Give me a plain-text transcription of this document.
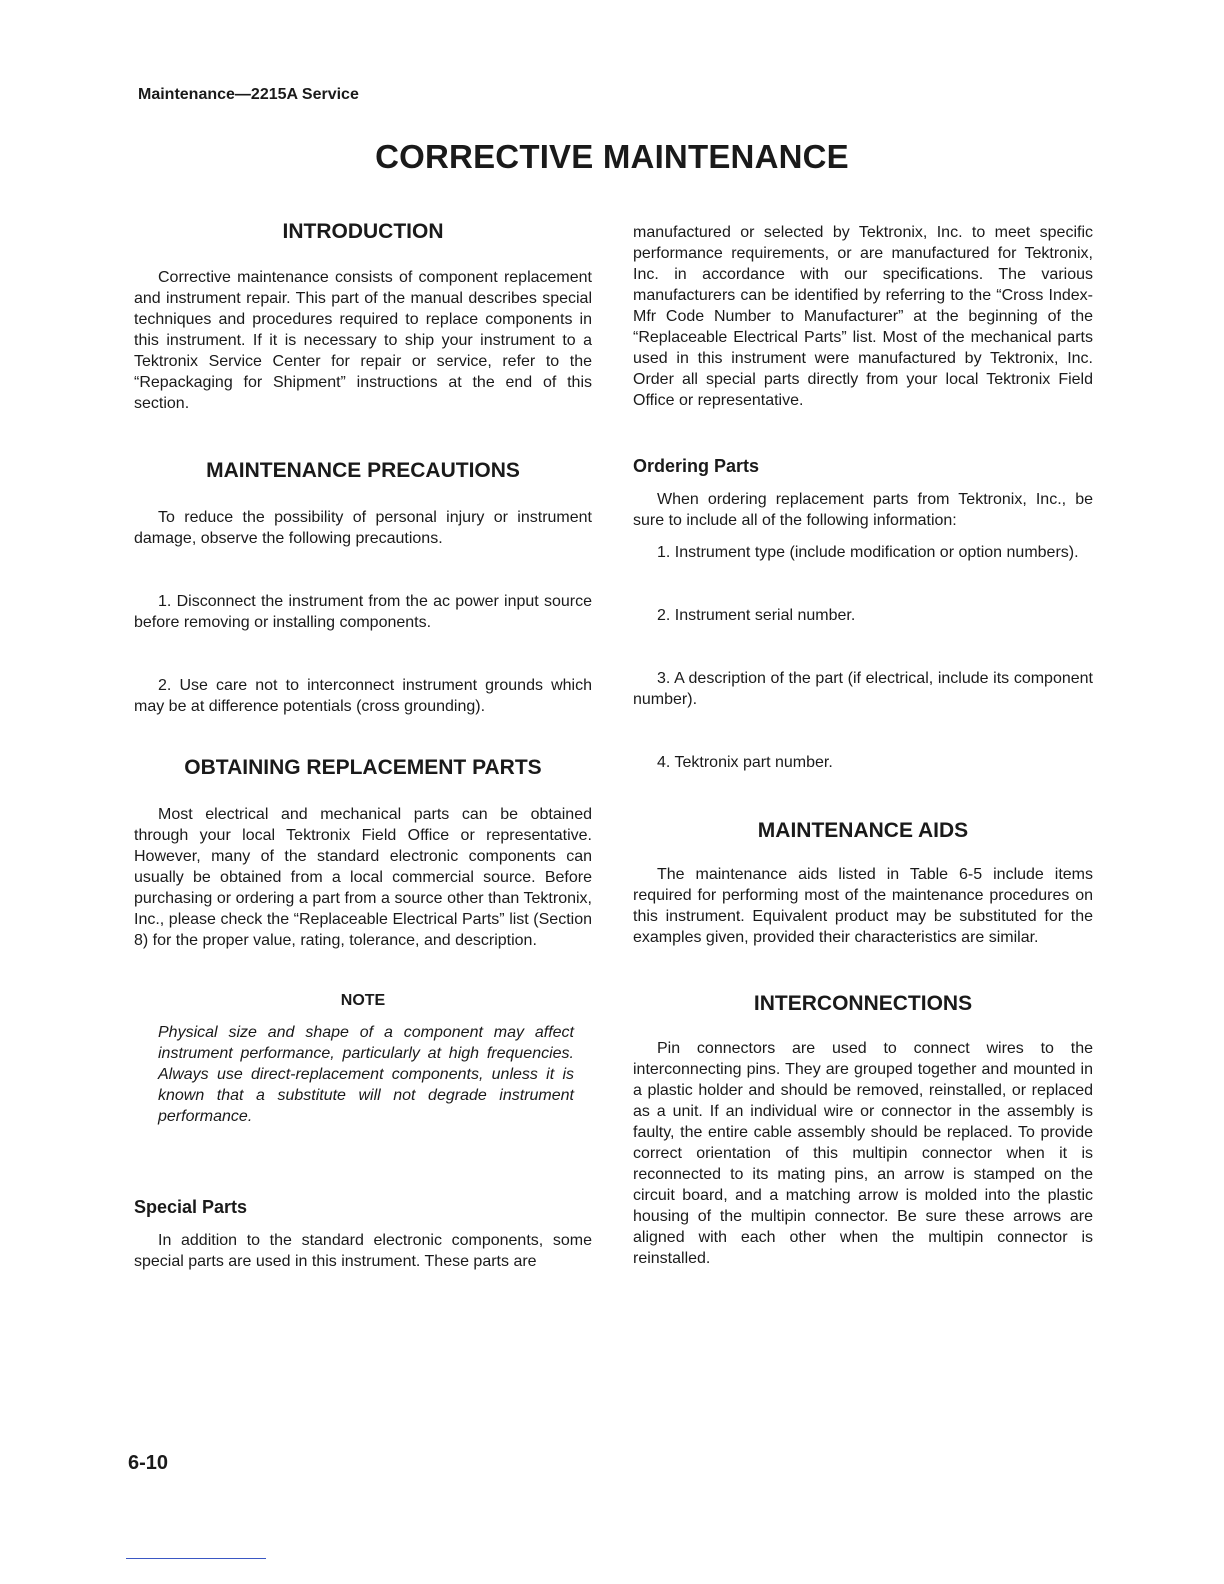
Maintenance—2215A Service
CORRECTIVE MAINTENANCE
INTRODUCTION

Corrective maintenance consists of component replacement and instrument repair. This part of the manual describes special techniques and procedures required to replace components in this instrument. If it is necessary to ship your instrument to a Tektronix Service Center for repair or service, refer to the “Repackaging for Shipment” instructions at the end of this section.

MAINTENANCE PRECAUTIONS

To reduce the possibility of personal injury or instrument damage, observe the following precautions.

1. Disconnect the instrument from the ac power input source before removing or installing components.

2. Use care not to interconnect instrument grounds which may be at difference potentials (cross grounding).

OBTAINING REPLACEMENT PARTS

Most electrical and mechanical parts can be obtained through your local Tektronix Field Office or representative. However, many of the standard electronic components can usually be obtained from a local commercial source. Before purchasing or ordering a part from a source other than Tektronix, Inc., please check the “Replaceable Electrical Parts” list (Section 8) for the proper value, rating, tolerance, and description.

NOTE

Physical size and shape of a component may affect instrument performance, particularly at high frequencies. Always use direct-replacement components, unless it is known that a substitute will not degrade instrument performance.

Special Parts

In addition to the standard electronic components, some special parts are used in this instrument. These parts are

manufactured or selected by Tektronix, Inc. to meet specific performance requirements, or are manufactured for Tektronix, Inc. in accordance with our specifications. The various manufacturers can be identified by referring to the “Cross Index-Mfr Code Number to Manufacturer” at the beginning of the “Replaceable Electrical Parts” list. Most of the mechanical parts used in this instrument were manufactured by Tektronix, Inc. Order all special parts directly from your local Tektronix Field Office or representative.

Ordering Parts

When ordering replacement parts from Tektronix, Inc., be sure to include all of the following information:

1. Instrument type (include modification or option numbers).

2. Instrument serial number.

3. A description of the part (if electrical, include its component number).

4. Tektronix part number.

MAINTENANCE AIDS

The maintenance aids listed in Table 6-5 include items required for performing most of the maintenance procedures on this instrument. Equivalent product may be substituted for the examples given, provided their characteristics are similar.

INTERCONNECTIONS

Pin connectors are used to connect wires to the interconnecting pins. They are grouped together and mounted in a plastic holder and should be removed, reinstalled, or replaced as a unit. If an individual wire or connector in the assembly is faulty, the entire cable assembly should be replaced. To provide correct orientation of this multipin connector when it is reconnected to its mating pins, an arrow is stamped on the circuit board, and a matching arrow is molded into the plastic housing of the multipin connector. Be sure these arrows are aligned with each other when the multipin connector is reinstalled.

6-10
